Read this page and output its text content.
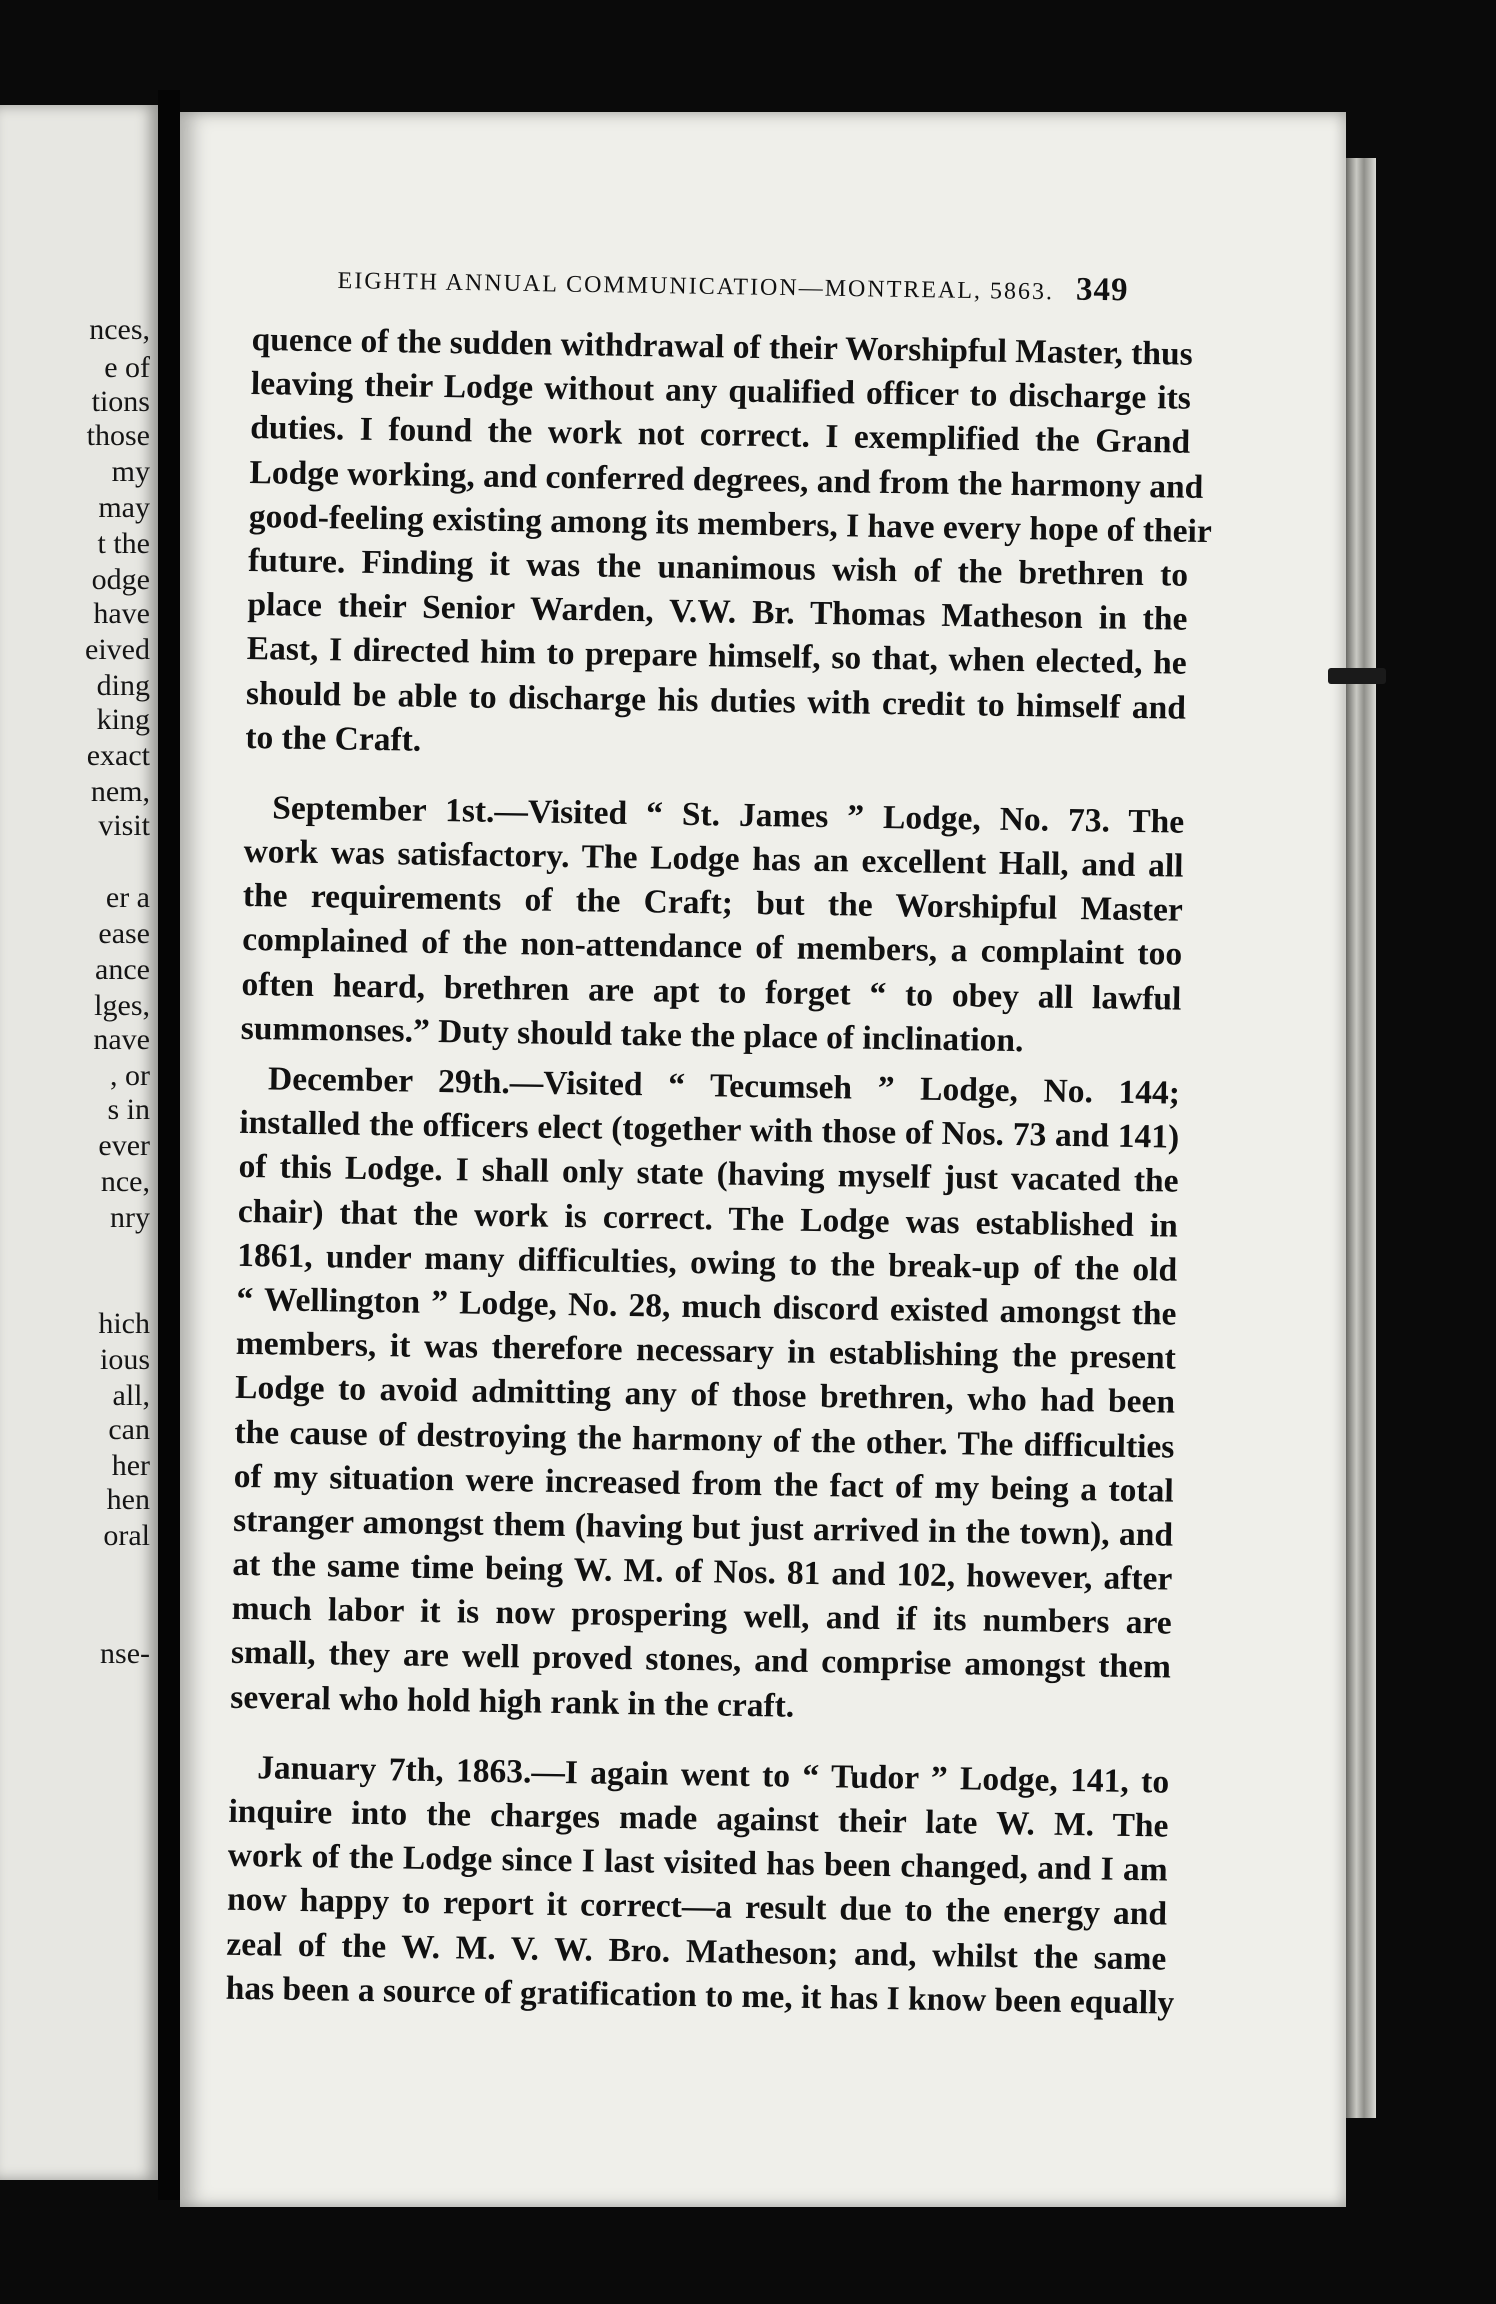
nces,
e of
tions
those
my
may
t the
odge
have
eived
ding
king
exact
nem,
visit
er a
ease
ance
lges,
nave
, or
s in
ever
nce,
nry
hich
ious
all,
can
her
hen
oral
nse-
EIGHTH ANNUAL COMMUNICATION—MONTREAL, 5863. 349
quence of the sudden withdrawal of their Worshipful Master, thus
leaving their Lodge without any qualified officer to discharge its
duties. I found the work not correct. I exemplified the Grand
Lodge working, and conferred degrees, and from the harmony and
good-feeling existing among its members, I have every hope of their
future. Finding it was the unanimous wish of the brethren to
place their Senior Warden, V.W. Br. Thomas Matheson in the
East, I directed him to prepare himself, so that, when elected, he
should be able to discharge his duties with credit to himself and
to the Craft.
September 1st.—Visited “ St. James ” Lodge, No. 73. The
work was satisfactory. The Lodge has an excellent Hall, and all
the requirements of the Craft; but the Worshipful Master
complained of the non-attendance of members, a complaint too
often heard, brethren are apt to forget “ to obey all lawful
summonses.” Duty should take the place of inclination.
December 29th.—Visited “ Tecumseh ” Lodge, No. 144;
installed the officers elect (together with those of Nos. 73 and 141)
of this Lodge. I shall only state (having myself just vacated the
chair) that the work is correct. The Lodge was established in
1861, under many difficulties, owing to the break-up of the old
“ Wellington ” Lodge, No. 28, much discord existed amongst the
members, it was therefore necessary in establishing the present
Lodge to avoid admitting any of those brethren, who had been
the cause of destroying the harmony of the other. The difficulties
of my situation were increased from the fact of my being a total
stranger amongst them (having but just arrived in the town), and
at the same time being W. M. of Nos. 81 and 102, however, after
much labor it is now prospering well, and if its numbers are
small, they are well proved stones, and comprise amongst them
several who hold high rank in the craft.
January 7th, 1863.—I again went to “ Tudor ” Lodge, 141, to
inquire into the charges made against their late W. M. The
work of the Lodge since I last visited has been changed, and I am
now happy to report it correct—a result due to the energy and
zeal of the W. M. V. W. Bro. Matheson; and, whilst the same
has been a source of gratification to me, it has I know been equally
